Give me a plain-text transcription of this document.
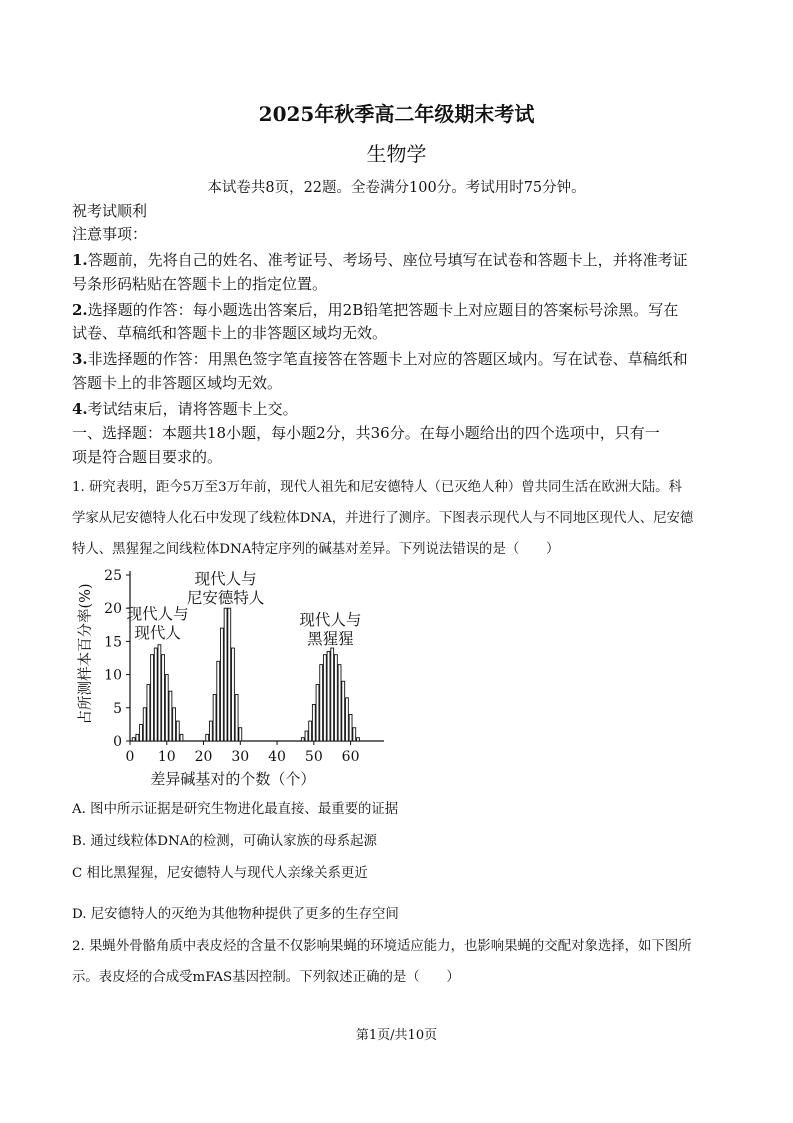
2025年秋季高二年级期末考试
生物学
本试卷共8页，22题。全卷满分100分。考试用时75分钟。
祝考试顺利
注意事项：
1.答题前，先将自己的姓名、准考证号、考场号、座位号填写在试卷和答题卡上，并将准考证
号条形码粘贴在答题卡上的指定位置。
2.选择题的作答：每小题选出答案后，用2B铅笔把答题卡上对应题目的答案标号涂黑。写在
试卷、草稿纸和答题卡上的非答题区域均无效。
3.非选择题的作答：用黑色签字笔直接答在答题卡上对应的答题区域内。写在试卷、草稿纸和
答题卡上的非答题区域均无效。
4.考试结束后，请将答题卡上交。
一、选择题：本题共18小题，每小题2分，共36分。在每小题给出的四个选项中，只有一
项是符合题目要求的。
1. 研究表明，距今5万至3万年前，现代人祖先和尼安德特人（已灭绝人种）曾共同生活在欧洲大陆。科
学家从尼安德特人化石中发现了线粒体DNA，并进行了测序。下图表示现代人与不同地区现代人、尼安德
特人、黑猩猩之间线粒体DNA特定序列的碱基对差异。下列说法错误的是（　　）
0
5
10
15
20
25
0 10 20 30 40 50 60
现代人与
现代人
现代人与
尼安德特人
现代人与
黑猩猩
差异碱基对的个数（个）
占所测样本百分率(%)
A. 图中所示证据是研究生物进化最直接、最重要的证据
B. 通过线粒体DNA的检测，可确认家族的母系起源
C 相比黑猩猩，尼安德特人与现代人亲缘关系更近
D. 尼安德特人的灭绝为其他物种提供了更多的生存空间
2. 果蝇外骨骼角质中表皮烃的含量不仅影响果蝇的环境适应能力，也影响果蝇的交配对象选择，如下图所
示。表皮烃的合成受mFAS基因控制。下列叙述正确的是（　　）
第1页/共10页
